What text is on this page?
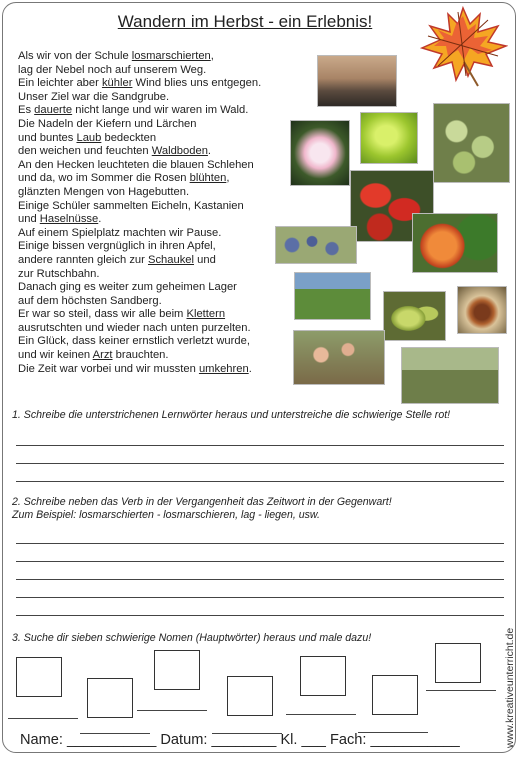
Wandern im Herbst - ein Erlebnis!
Als wir von der Schule losmarschierten,
lag der Nebel noch auf unserem Weg.
Ein leichter aber kühler Wind blies uns entgegen.
Unser Ziel war die Sandgrube.
Es dauerte nicht lange und wir waren im Wald.
Die Nadeln der Kiefern und Lärchen
und buntes Laub bedeckten
den weichen und feuchten Waldboden.
An den Hecken leuchteten die blauen Schlehen
und da, wo im Sommer die Rosen blühten,
glänzten Mengen von Hagebutten.
Einige Schüler sammelten Eicheln, Kastanien
und Haselnüsse.
Auf einem Spielplatz machten wir Pause.
Einige bissen vergnüglich in ihren Apfel,
andere rannten gleich zur Schaukel und
zur Rutschbahn.
Danach ging es weiter zum geheimen Lager
auf dem höchsten Sandberg.
Er war so steil, dass wir alle beim Klettern
ausrutschten und wieder nach unten purzelten.
Ein Glück, dass keiner ernstlich verletzt wurde,
und wir keinen Arzt brauchten.
Die Zeit war vorbei und wir mussten umkehren.
1. Schreibe die unterstrichenen Lernwörter heraus und unterstreiche die schwierige Stelle rot!
2. Schreibe neben das Verb in der Vergangenheit das Zeitwort in der Gegenwart!
Zum Beispiel: losmarschierten - losmarschieren, lag - liegen, usw.
3. Suche dir sieben schwierige Nomen (Hauptwörter) heraus und male dazu!
Name: ___________ Datum: ________ Kl. ___ Fach: ___________	www.kreativeunterricht.de
